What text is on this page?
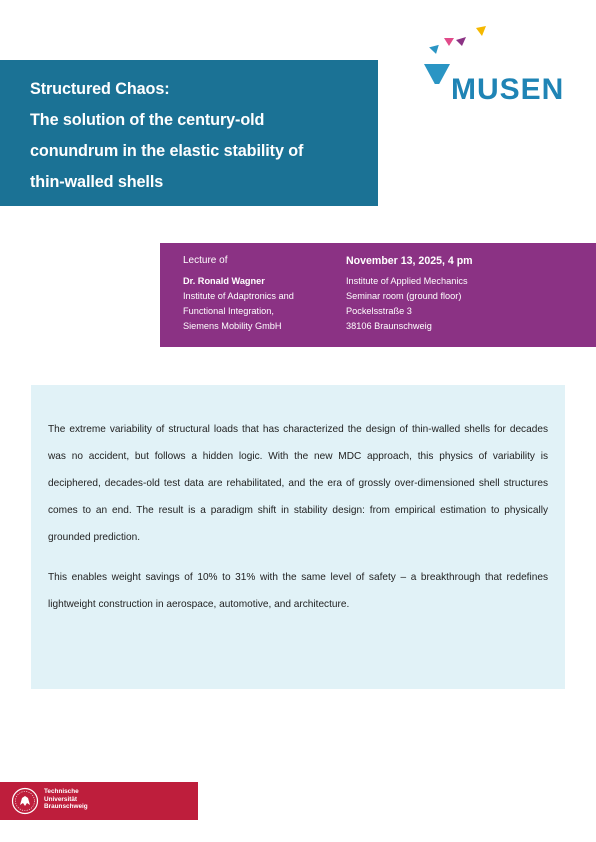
Structured Chaos:
The solution of the century-old
conundrum in the elastic stability of
thin-walled shells
MUSEN
Lecture of
Dr. Ronald Wagner
Institute of Adaptronics and
Functional Integration,
Siemens Mobility GmbH
November 13, 2025, 4 pm
Institute of Applied Mechanics
Seminar room (ground floor)
Pockelsstraße 3
38106 Braunschweig

The extreme variability of structural loads that has characterized the design of thin-walled shells for decades was no accident, but follows a hidden logic. With the new MDC approach, this physics of variability is deciphered, decades-old test data are rehabilitated, and the era of grossly over-dimensioned shell structures comes to an end. The result is a paradigm shift in stability design: from empirical estimation to physically grounded prediction.

This enables weight savings of 10% to 31% with the same level of safety – a breakthrough that redefines lightweight construction in aerospace, automotive, and architecture.

Technische
Universität
Braunschweig
